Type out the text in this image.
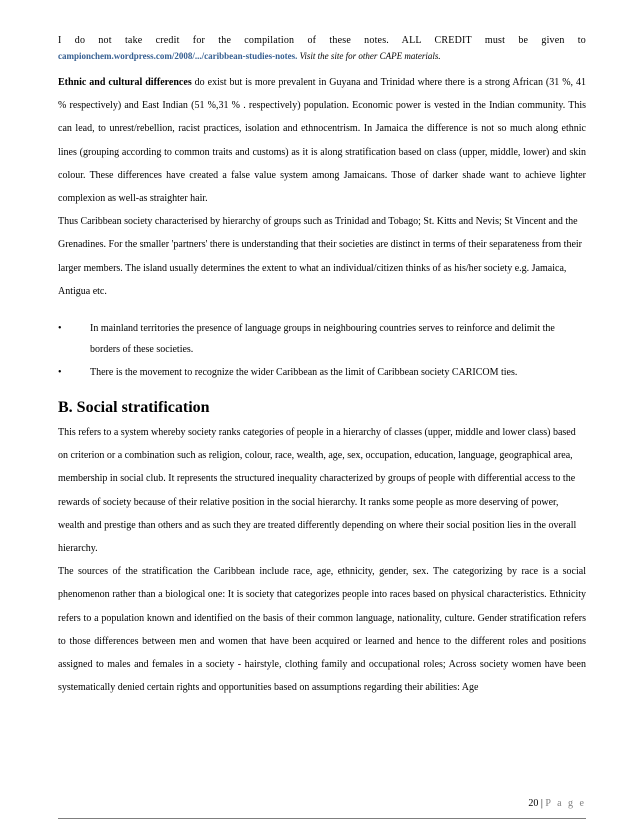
I do not take credit for the compilation of these notes. ALL CREDIT must be given to
campionchem.wordpress.com/2008/.../caribbean-studies-notes. Visit the site for other CAPE materials.

Ethnic and cultural differences do exist but is more prevalent in Guyana and Trinidad where there is a strong African (31 %, 41 % respectively) and East Indian (51 %,31 % . respectively) population. Economic power is vested in the Indian community. This can lead, to unrest/rebellion, racist practices, isolation and ethnocentrism. In Jamaica the difference is not so much along ethnic lines (grouping according to common traits and customs) as it is along stratification based on class (upper, middle, lower) and skin colour. These differences have created a false value system among Jamaicans. Those of darker shade want to achieve lighter complexion as well-as straighter hair.

Thus Caribbean society characterised by hierarchy of groups such as Trinidad and Tobago; St. Kitts and Nevis; St Vincent and the Grenadines. For the smaller 'partners' there is understanding that their societies are distinct in terms of their separateness from their larger members. The island usually determines the extent to what an individual/citizen thinks of as his/her society e.g. Jamaica, Antigua etc.

•	In mainland territories the presence of language groups in neighbouring countries serves to reinforce and delimit the borders of these societies.
•	There is the movement to recognize the wider Caribbean as the limit of Caribbean society CARICOM ties.
B. Social stratification

This refers to a system whereby society ranks categories of people in a hierarchy of classes (upper, middle and lower class) based on criterion or a combination such as religion, colour, race, wealth, age, sex, occupation, education, language, geographical area, membership in social club. It represents the structured inequality characterized by groups of people with differential access to the rewards of society because of their relative position in the social hierarchy. It ranks some people as more deserving of power, wealth and prestige than others and as such they are treated differently depending on where their social position lies in the overall hierarchy.

The sources of the stratification the Caribbean include race, age, ethnicity, gender, sex. The categorizing by race is a social phenomenon rather than a biological one: It is society that categorizes people into races based on physical characteristics. Ethnicity refers to a population known and identified on the basis of their common language, nationality, culture. Gender stratification refers to those differences between men and women that have been acquired or learned and hence to the different roles and positions assigned to males and females in a society - hairstyle, clothing family and occupational roles; Across society women have been systematically denied certain rights and opportunities based on assumptions regarding their abilities: Age

20 | P a g e
